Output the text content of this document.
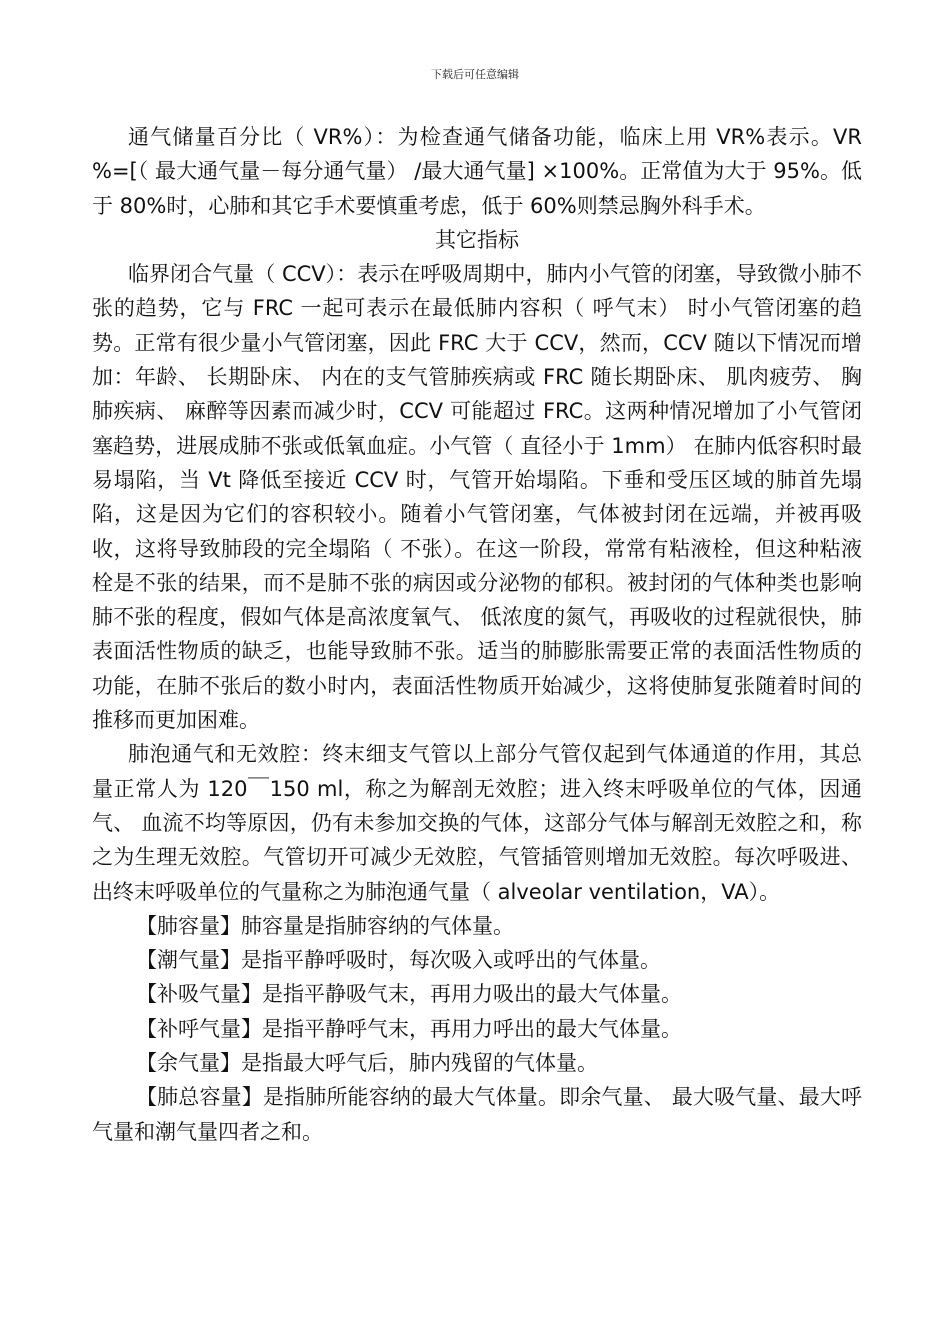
下载后可任意编辑

通气储量百分比（ VR%）：为检查通气储备功能，临床上用 VR%表示。VR %=[（ 最大通气量－每分通气量） /最大通气量] ×100%。正常值为大于 95%。低于 80%时，心肺和其它手术要慎重考虑，低于 60%则禁忌胸外科手术。

其它指标

临界闭合气量（ CCV）：表示在呼吸周期中，肺内小气管的闭塞，导致微小肺不张的趋势，它与 FRC 一起可表示在最低肺内容积（ 呼气末） 时小气管闭塞的趋势。正常有很少量小气管闭塞，因此 FRC 大于 CCV，然而，CCV 随以下情况而增加：年龄、 长期卧床、 内在的支气管肺疾病或 FRC 随长期卧床、 肌肉疲劳、 胸肺疾病、 麻醉等因素而减少时，CCV 可能超过 FRC。这两种情况增加了小气管闭塞趋势，进展成肺不张或低氧血症。小气管（ 直径小于 1mm） 在肺内低容积时最易塌陷，当 Vt 降低至接近 CCV 时，气管开始塌陷。下垂和受压区域的肺首先塌陷，这是因为它们的容积较小。随着小气管闭塞，气体被封闭在远端，并被再吸收，这将导致肺段的完全塌陷（ 不张）。在这一阶段，常常有粘液栓，但这种粘液栓是不张的结果，而不是肺不张的病因或分泌物的郁积。被封闭的气体种类也影响肺不张的程度，假如气体是高浓度氧气、 低浓度的氮气，再吸收的过程就很快，肺表面活性物质的缺乏，也能导致肺不张。适当的肺膨胀需要正常的表面活性物质的功能，在肺不张后的数小时内，表面活性物质开始减少，这将使肺复张随着时间的推移而更加困难。

肺泡通气和无效腔：终末细支气管以上部分气管仅起到气体通道的作用，其总量正常人为 120￣150 ml，称之为解剖无效腔；进入终末呼吸单位的气体，因通气、 血流不均等原因，仍有未参加交换的气体，这部分气体与解剖无效腔之和，称之为生理无效腔。气管切开可减少无效腔，气管插管则增加无效腔。每次呼吸进、 出终末呼吸单位的气量称之为肺泡通气量（ alveolar ventilation，VA）。

【肺容量】肺容量是指肺容纳的气体量。

【潮气量】是指平静呼吸时，每次吸入或呼出的气体量。

【补吸气量】是指平静吸气末，再用力吸出的最大气体量。

【补呼气量】是指平静呼气末，再用力呼出的最大气体量。

【余气量】是指最大呼气后，肺内残留的气体量。

【肺总容量】是指肺所能容纳的最大气体量。即余气量、 最大吸气量、最大呼气量和潮气量四者之和。
